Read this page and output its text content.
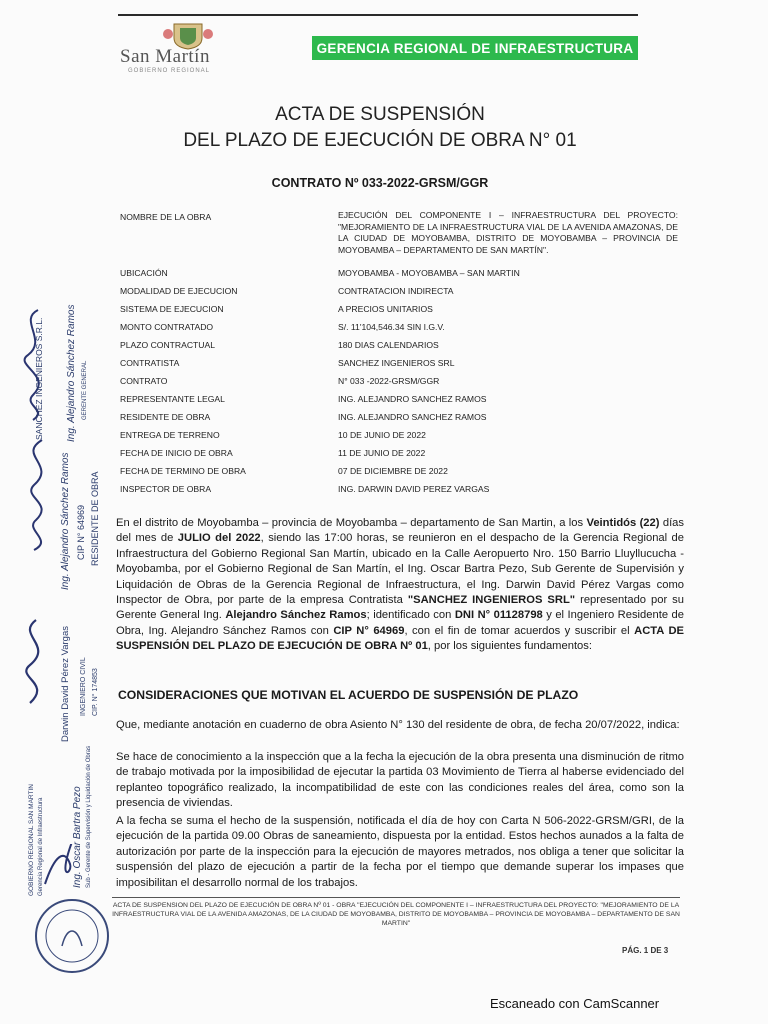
San Martín
GOBIERNO REGIONAL
GERENCIA REGIONAL DE INFRAESTRUCTURA
ACTA DE SUSPENSIÓN
DEL PLAZO DE EJECUCIÓN DE OBRA N° 01
CONTRATO Nº 033-2022-GRSM/GGR
NOMBRE DE LA OBRA	EJECUCIÓN DEL COMPONENTE I – INFRAESTRUCTURA DEL PROYECTO: "MEJORAMIENTO DE LA INFRAESTRUCTURA VIAL DE LA AVENIDA AMAZONAS, DE LA CIUDAD DE MOYOBAMBA, DISTRITO DE MOYOBAMBA – PROVINCIA DE MOYOBAMBA – DEPARTAMENTO DE SAN MARTÍN".
UBICACIÓN	MOYOBAMBA - MOYOBAMBA – SAN MARTIN
MODALIDAD DE EJECUCION	CONTRATACION INDIRECTA
SISTEMA DE EJECUCION	A PRECIOS UNITARIOS
MONTO CONTRATADO	S/. 11'104,546.34 SIN I.G.V.
PLAZO CONTRACTUAL	180 DIAS CALENDARIOS
CONTRATISTA	SANCHEZ INGENIEROS SRL
CONTRATO	N° 033 -2022-GRSM/GGR
REPRESENTANTE LEGAL	ING. ALEJANDRO SANCHEZ RAMOS
RESIDENTE DE OBRA	ING. ALEJANDRO SANCHEZ RAMOS
ENTREGA DE TERRENO	10 DE JUNIO DE 2022
FECHA DE INICIO DE OBRA	11 DE JUNIO DE 2022
FECHA DE TERMINO DE OBRA	07 DE DICIEMBRE DE 2022
INSPECTOR DE OBRA	ING. DARWIN DAVID PEREZ VARGAS
En el distrito de Moyobamba – provincia de Moyobamba – departamento de San Martin, a los Veintidós (22) días del mes de JULIO del 2022, siendo las 17:00 horas, se reunieron en el despacho de la Gerencia Regional de Infraestructura del Gobierno Regional San Martín, ubicado en la Calle Aeropuerto Nro. 150 Barrio Lluyllucucha - Moyobamba, por el Gobierno Regional de San Martín, el Ing. Oscar Bartra Pezo, Sub Gerente de Supervisión y Liquidación de Obras de la Gerencia Regional de Infraestructura, el Ing. Darwin David Pérez Vargas como Inspector de Obra, por parte de la empresa Contratista "SANCHEZ INGENIEROS SRL" representado por su Gerente General Ing. Alejandro Sánchez Ramos; identificado con DNI N° 01128798 y el Ingeniero Residente de Obra, Ing. Alejandro Sánchez Ramos con CIP N° 64969, con el fin de tomar acuerdos y suscribir el ACTA DE SUSPENSIÓN DEL PLAZO DE EJECUCIÓN DE OBRA Nº 01, por los siguientes fundamentos:
CONSIDERACIONES QUE MOTIVAN EL ACUERDO DE SUSPENSIÓN DE PLAZO
Que, mediante anotación en cuaderno de obra Asiento N° 130 del residente de obra, de fecha 20/07/2022, indica:
Se hace de conocimiento a la inspección que a la fecha la ejecución de la obra presenta una disminución de ritmo de trabajo motivada por la imposibilidad de ejecutar la partida 03 Movimiento de Tierra al haberse evidenciado del replanteo topográfico realizado, la incompatibilidad de este con las condiciones reales del área, como son la presencia de viviendas.
A la fecha se suma el hecho de la suspensión, notificada el día de hoy con Carta N 506-2022-GRSM/GRI, de la ejecución de la partida 09.00 Obras de saneamiento, dispuesta por la entidad. Estos hechos aunados a la falta de autorización por parte de la inspección para la ejecución de mayores metrados, nos obliga a tener que solicitar la suspensión del plazo de ejecución a partir de la fecha por el tiempo que demande superar los impases que imposibilitan el desarrollo normal de los trabajos.
ACTA DE SUSPENSION DEL PLAZO DE EJECUCIÓN DE OBRA Nº 01 - OBRA "EJECUCIÓN DEL COMPONENTE I – INFRAESTRUCTURA DEL PROYECTO: "MEJORAMIENTO DE LA INFRAESTRUCTURA VIAL DE LA AVENIDA AMAZONAS, DE LA CIUDAD DE MOYOBAMBA, DISTRITO DE MOYOBAMBA – PROVINCIA DE MOYOBAMBA – DEPARTAMENTO DE SAN MARTIN"
PÁG. 1 DE 3
Escaneado con CamScanner
SANCHEZ INGENIEROS S.R.L. Ing. Alejandro Sánchez Ramos GERENTE GENERAL
Ing. Alejandro Sánchez Ramos CIP N° 64969 RESIDENTE DE OBRA
Darwin David Pérez Vargas INGENIERO CIVIL CIP. N° 174853
GOBIERNO REGIONAL SAN MARTIN Gerencia Regional de Infraestructura	Ing. Oscar Bartra Pezo Sub - Gerente de Supervisión y Liquidación de Obras
